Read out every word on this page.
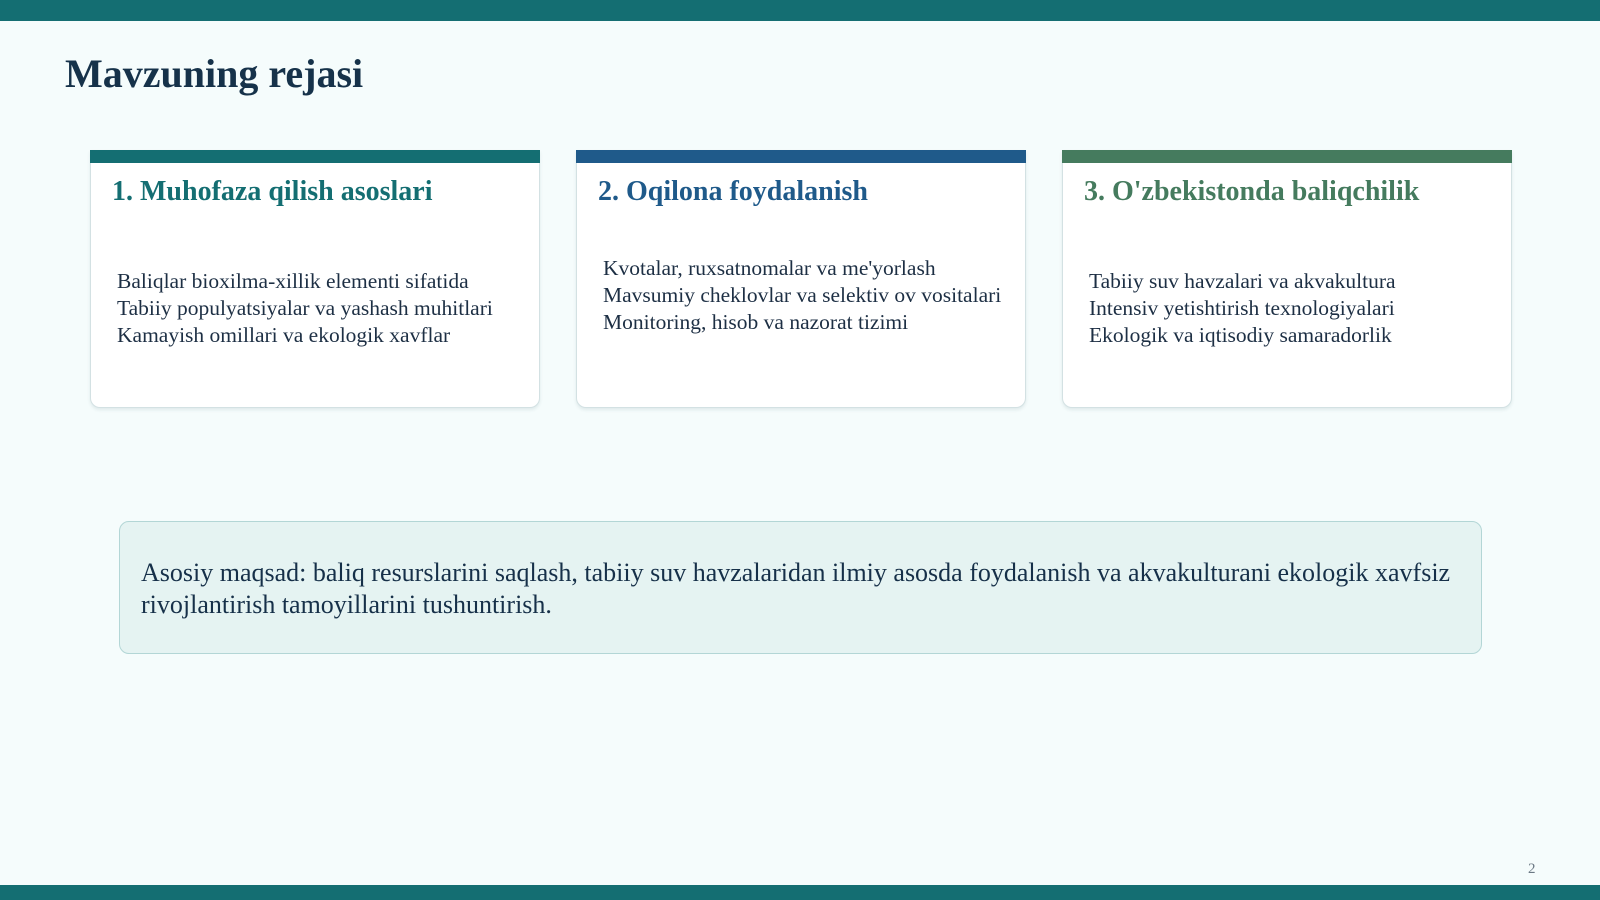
Mavzuning rejasi
1. Muhofaza qilish asoslari
Baliqlar bioxilma-xillik elementi sifatida
Tabiiy populyatsiyalar va yashash muhitlari
Kamayish omillari va ekologik xavflar
2. Oqilona foydalanish
Kvotalar, ruxsatnomalar va me'yorlash
Mavsumiy cheklovlar va selektiv ov vositalari
Monitoring, hisob va nazorat tizimi
3. O'zbekistonda baliqchilik
Tabiiy suv havzalari va akvakultura
Intensiv yetishtirish texnologiyalari
Ekologik va iqtisodiy samaradorlik

Asosiy maqsad: baliq resurslarini saqlash, tabiiy suv havzalaridan ilmiy asosda foydalanish va akvakulturani ekologik xavfsiz rivojlantirish tamoyillarini tushuntirish.

2
